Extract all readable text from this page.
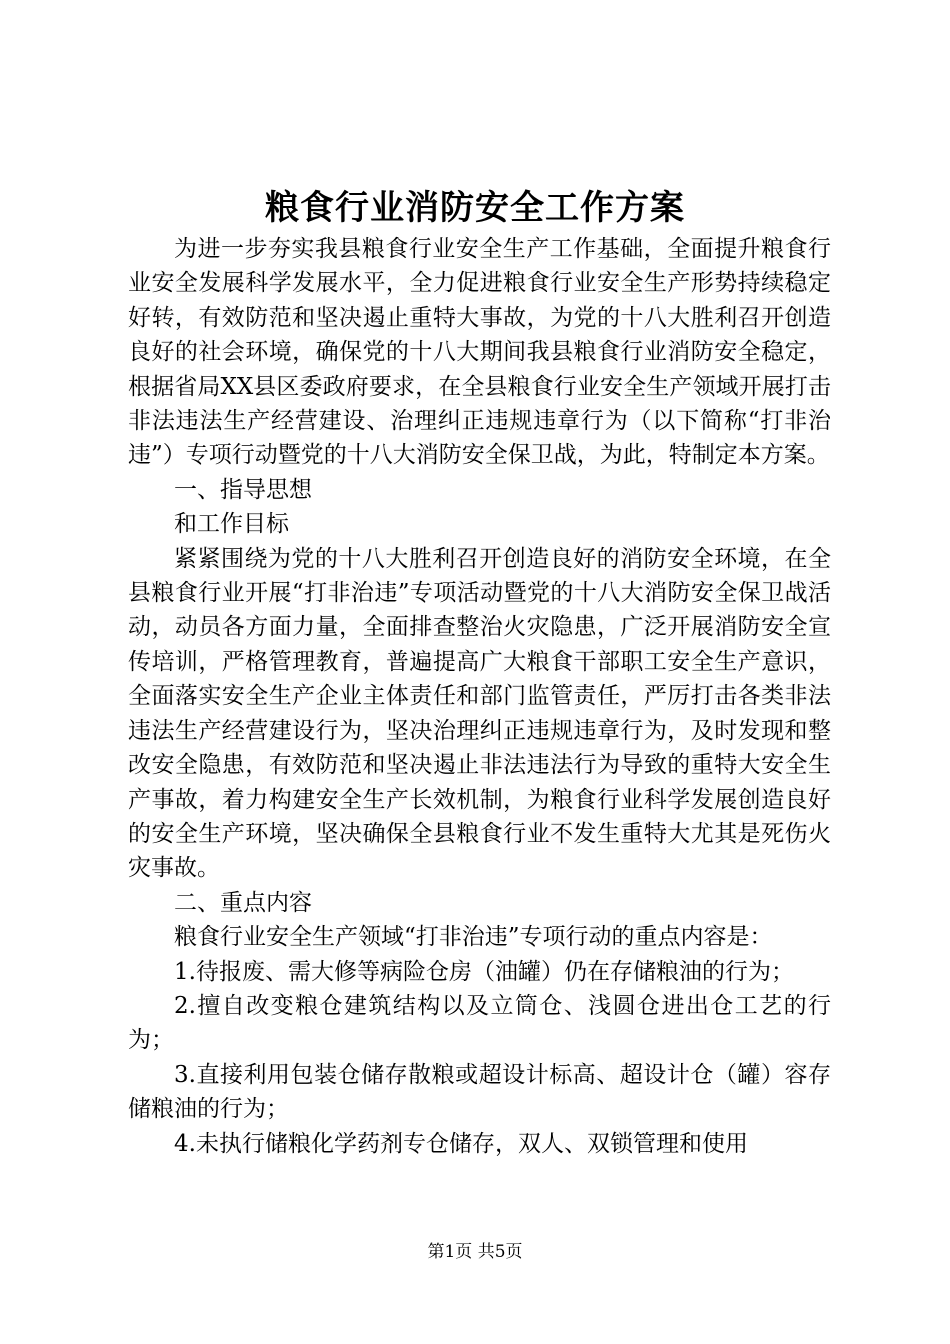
粮食行业消防安全工作方案

为进一步夯实我县粮食行业安全生产工作基础，全面提升粮食行业安全发展科学发展水平，全力促进粮食行业安全生产形势持续稳定好转，有效防范和坚决遏止重特大事故，为党的十八大胜利召开创造良好的社会环境，确保党的十八大期间我县粮食行业消防安全稳定，根据省局XX县区委政府要求，在全县粮食行业安全生产领域开展打击非法违法生产经营建设、治理纠正违规违章行为（以下简称“打非治违”）专项行动暨党的十八大消防安全保卫战，为此，特制定本方案。

一、指导思想

和工作目标

紧紧围绕为党的十八大胜利召开创造良好的消防安全环境，在全县粮食行业开展“打非治违”专项活动暨党的十八大消防安全保卫战活动，动员各方面力量，全面排查整治火灾隐患，广泛开展消防安全宣传培训，严格管理教育，普遍提高广大粮食干部职工安全生产意识，全面落实安全生产企业主体责任和部门监管责任，严厉打击各类非法违法生产经营建设行为，坚决治理纠正违规违章行为，及时发现和整改安全隐患，有效防范和坚决遏止非法违法行为导致的重特大安全生产事故，着力构建安全生产长效机制，为粮食行业科学发展创造良好的安全生产环境，坚决确保全县粮食行业不发生重特大尤其是死伤火灾事故。

二、重点内容

粮食行业安全生产领域“打非治违”专项行动的重点内容是：

1.待报废、需大修等病险仓房（油罐）仍在存储粮油的行为；

2.擅自改变粮仓建筑结构以及立筒仓、浅圆仓进出仓工艺的行为；

3.直接利用包装仓储存散粮或超设计标高、超设计仓（罐）容存储粮油的行为；

4.未执行储粮化学药剂专仓储存，双人、双锁管理和使用

第1页 共5页
